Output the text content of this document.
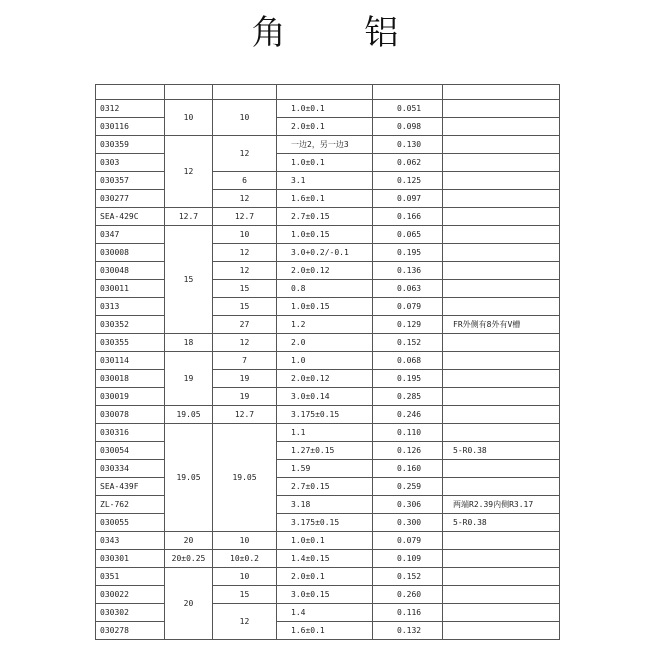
角 铝

0312	10	10	1.0±0.1	0.051	
030116			2.0±0.1	0.098	
030359	12	12	一边2，另一边3	0.130	
0303			1.0±0.1	0.062	
030357		6	3.1	0.125	
030277		12	1.6±0.1	0.097	
SEA-429C	12.7	12.7	2.7±0.15	0.166	
0347	15	10	1.0±0.15	0.065	
030008		12	3.0+0.2/-0.1	0.195	
030048		12	2.0±0.12	0.136	
030011		15	0.8	0.063	
0313		15	1.0±0.15	0.079	
030352		27	1.2	0.129	FR外侧有8外有V槽
030355	18	12	2.0	0.152	
030114	19	7	1.0	0.068	
030018		19	2.0±0.12	0.195	
030019		19	3.0±0.14	0.285	
030078	19.05	12.7	3.175±0.15	0.246	
030316	19.05	19.05	1.1	0.110	
030054			1.27±0.15	0.126	5-R0.38
030334			1.59	0.160	
SEA-439F			2.7±0.15	0.259	
ZL-762			3.18	0.306	两端R2.39内侧R3.17
030055			3.175±0.15	0.300	5-R0.38
0343	20	10	1.0±0.1	0.079	
030301	20±0.25	10±0.2	1.4±0.15	0.109	
0351	20	10	2.0±0.1	0.152	
030022		15	3.0±0.15	0.260	
030302		12	1.4	0.116	
030278			1.6±0.1	0.132	
